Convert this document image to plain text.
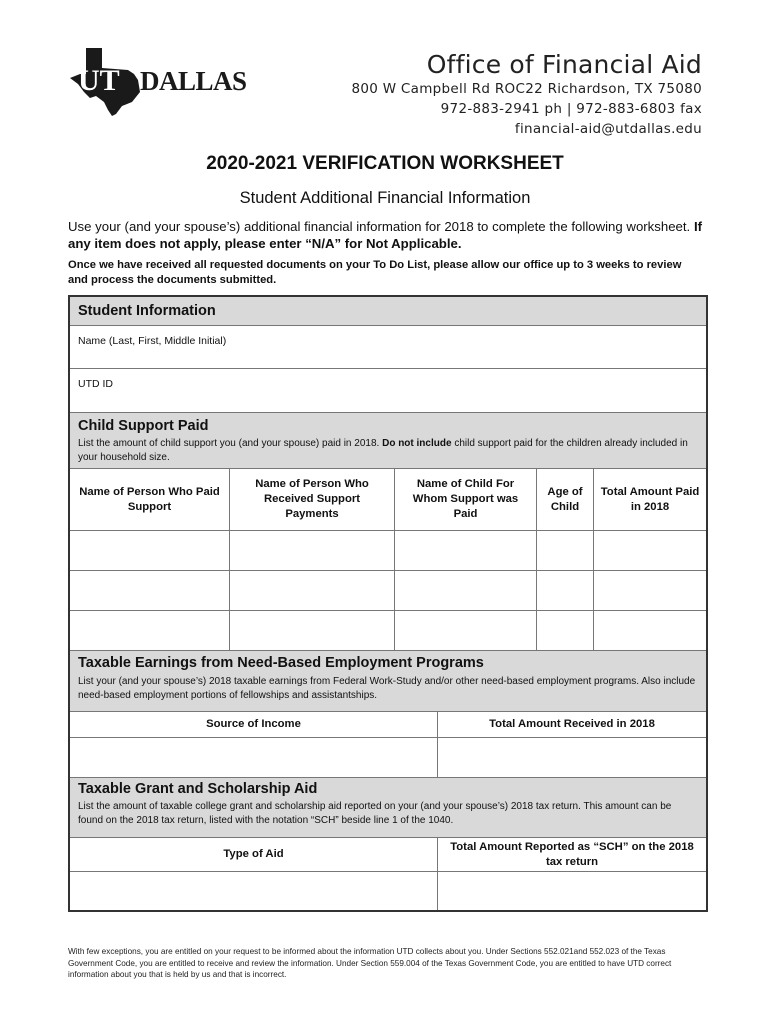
UT DALLAS
Office of Financial Aid
800 W Campbell Rd ROC22 Richardson, TX 75080
972-883-2941 ph | 972-883-6803 fax
financial-aid@utdallas.edu
2020-2021 VERIFICATION WORKSHEET
Student Additional Financial Information
Use your (and your spouse’s) additional financial information for 2018 to complete the following worksheet. If any item does not apply, please enter “N/A” for Not Applicable.
Once we have received all requested documents on your To Do List, please allow our office up to 3 weeks to review and process the documents submitted.
Student Information
Name (Last, First, Middle Initial)
UTD ID
Child Support Paid
List the amount of child support you (and your spouse) paid in 2018. Do not include child support paid for the children already included in your household size.
Name of Person Who Paid Support
Name of Person Who Received Support Payments
Name of Child For Whom Support was Paid
Age of Child
Total Amount Paid in 2018
Taxable Earnings from Need-Based Employment Programs
List your (and your spouse’s) 2018 taxable earnings from Federal Work-Study and/or other need-based employment programs. Also include need-based employment portions of fellowships and assistantships.
Source of Income	Total Amount Received in 2018
Taxable Grant and Scholarship Aid
List the amount of taxable college grant and scholarship aid reported on your (and your spouse’s) 2018 tax return. This amount can be found on the 2018 tax return, listed with the notation “SCH” beside line 1 of the 1040.
Type of Aid
Total Amount Reported as “SCH” on the 2018 tax return
With few exceptions, you are entitled on your request to be informed about the information UTD collects about you. Under Sections 552.021and 552.023 of the Texas Government Code, you are entitled to receive and review the information. Under Section 559.004 of the Texas Government Code, you are entitled to have UTD correct information about you that is held by us and that is incorrect.
